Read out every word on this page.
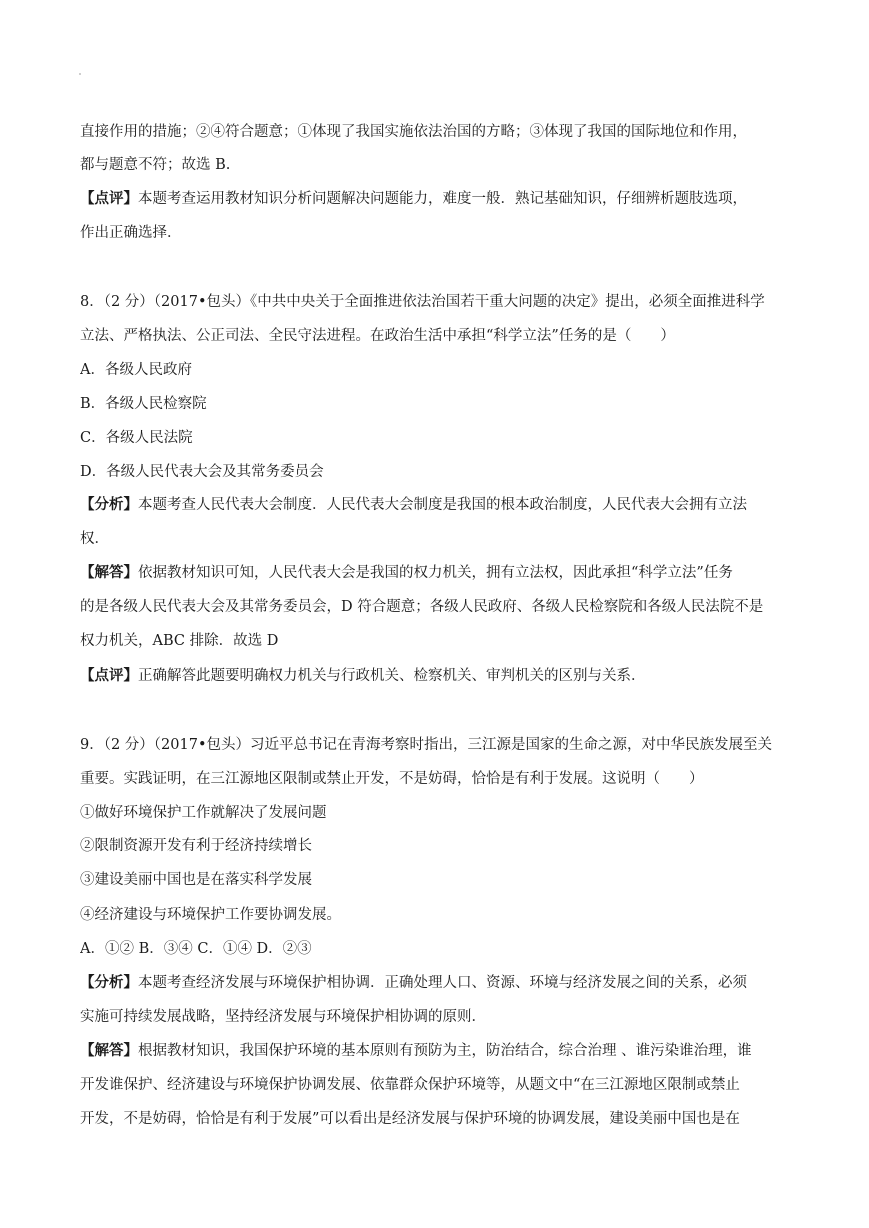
直接作用的措施；②④符合题意；①体现了我国实施依法治国的方略；③体现了我国的国际地位和作用，
都与题意不符；故选 B.
【点评】本题考查运用教材知识分析问题解决问题能力，难度一般．熟记基础知识，仔细辨析题肢选项，
作出正确选择．
8．（2 分）（2017•包头）《中共中央关于全面推进依法治国若干重大问题的决定》提出，必须全面推进科学
立法、严格执法、公正司法、全民守法进程。在政治生活中承担“科学立法”任务的是（　　）
A．各级人民政府
B．各级人民检察院
C．各级人民法院
D．各级人民代表大会及其常务委员会
【分析】本题考查人民代表大会制度．人民代表大会制度是我国的根本政治制度，人民代表大会拥有立法
权．
【解答】依据教材知识可知，人民代表大会是我国的权力机关，拥有立法权，因此承担“科学立法”任务
的是各级人民代表大会及其常务委员会，D 符合题意；各级人民政府、各级人民检察院和各级人民法院不是
权力机关，ABC 排除．故选 D
【点评】正确解答此题要明确权力机关与行政机关、检察机关、审判机关的区别与关系．
9．（2 分）（2017•包头）习近平总书记在青海考察时指出，三江源是国家的生命之源，对中华民族发展至关
重要。实践证明，在三江源地区限制或禁止开发，不是妨碍，恰恰是有利于发展。这说明（　　）
①做好环境保护工作就解决了发展问题
②限制资源开发有利于经济持续增长
③建设美丽中国也是在落实科学发展
④经济建设与环境保护工作要协调发展。
A．①② B．③④ C．①④ D．②③
【分析】本题考查经济发展与环境保护相协调．正确处理人口、资源、环境与经济发展之间的关系，必须
实施可持续发展战略，坚持经济发展与环境保护相协调的原则．
【解答】根据教材知识，我国保护环境的基本原则有预防为主，防治结合，综合治理 、谁污染谁治理，谁
开发谁保护、经济建设与环境保护协调发展、依靠群众保护环境等，从题文中“在三江源地区限制或禁止
开发，不是妨碍，恰恰是有利于发展”可以看出是经济发展与保护环境的协调发展，建设美丽中国也是在
